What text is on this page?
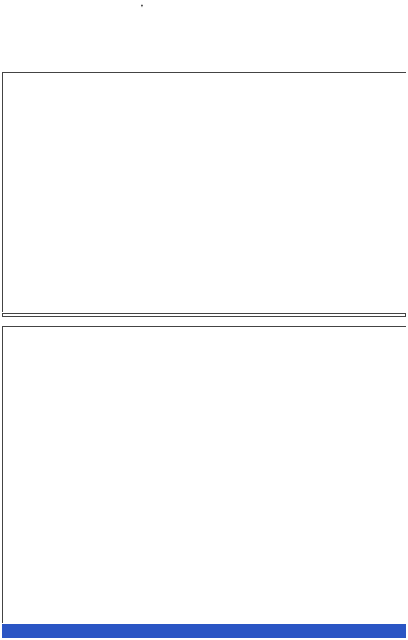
✝
